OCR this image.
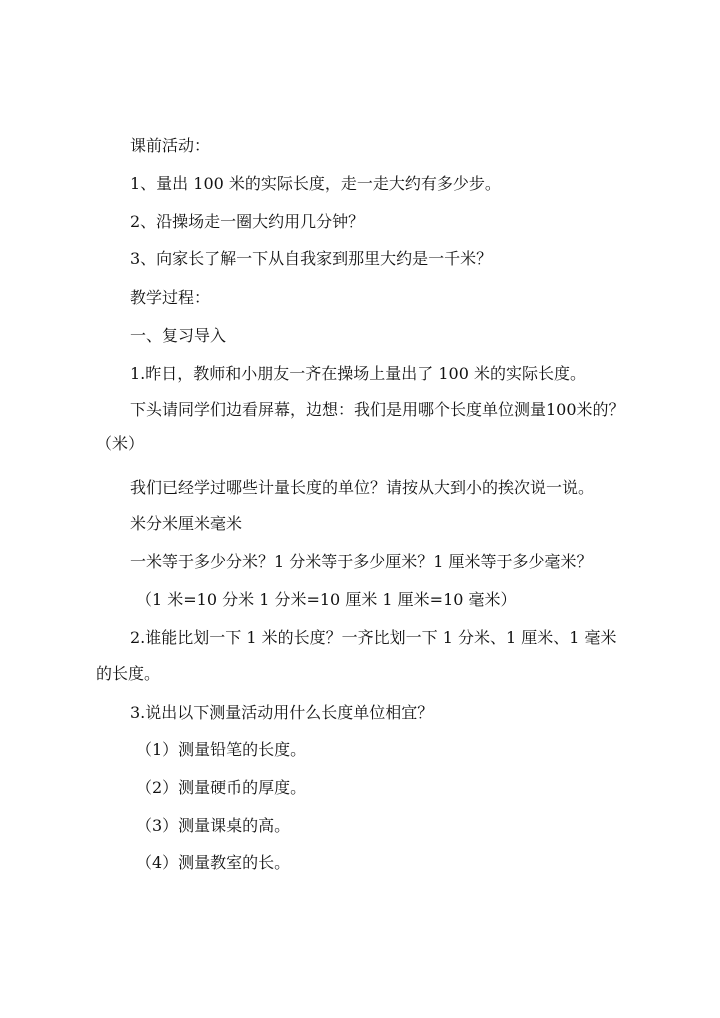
课前活动：
1、量出 100 米的实际长度，走一走大约有多少步。
2、沿操场走一圈大约用几分钟？
3、向家长了解一下从自我家到那里大约是一千米？
教学过程：
一、复习导入
1.昨日，教师和小朋友一齐在操场上量出了 100 米的实际长度。
下头请同学们边看屏幕，边想：我们是用哪个长度单位测量100米的？
（米）
我们已经学过哪些计量长度的单位？请按从大到小的挨次说一说。
米分米厘米毫米
一米等于多少分米？1 分米等于多少厘米？1 厘米等于多少毫米？
（1 米=10 分米 1 分米=10 厘米 1 厘米=10 毫米）
2.谁能比划一下 1 米的长度？一齐比划一下 1 分米、1 厘米、1 毫米
的长度。
3.说出以下测量活动用什么长度单位相宜？
（1）测量铅笔的长度。
（2）测量硬币的厚度。
（3）测量课桌的高。
（4）测量教室的长。
